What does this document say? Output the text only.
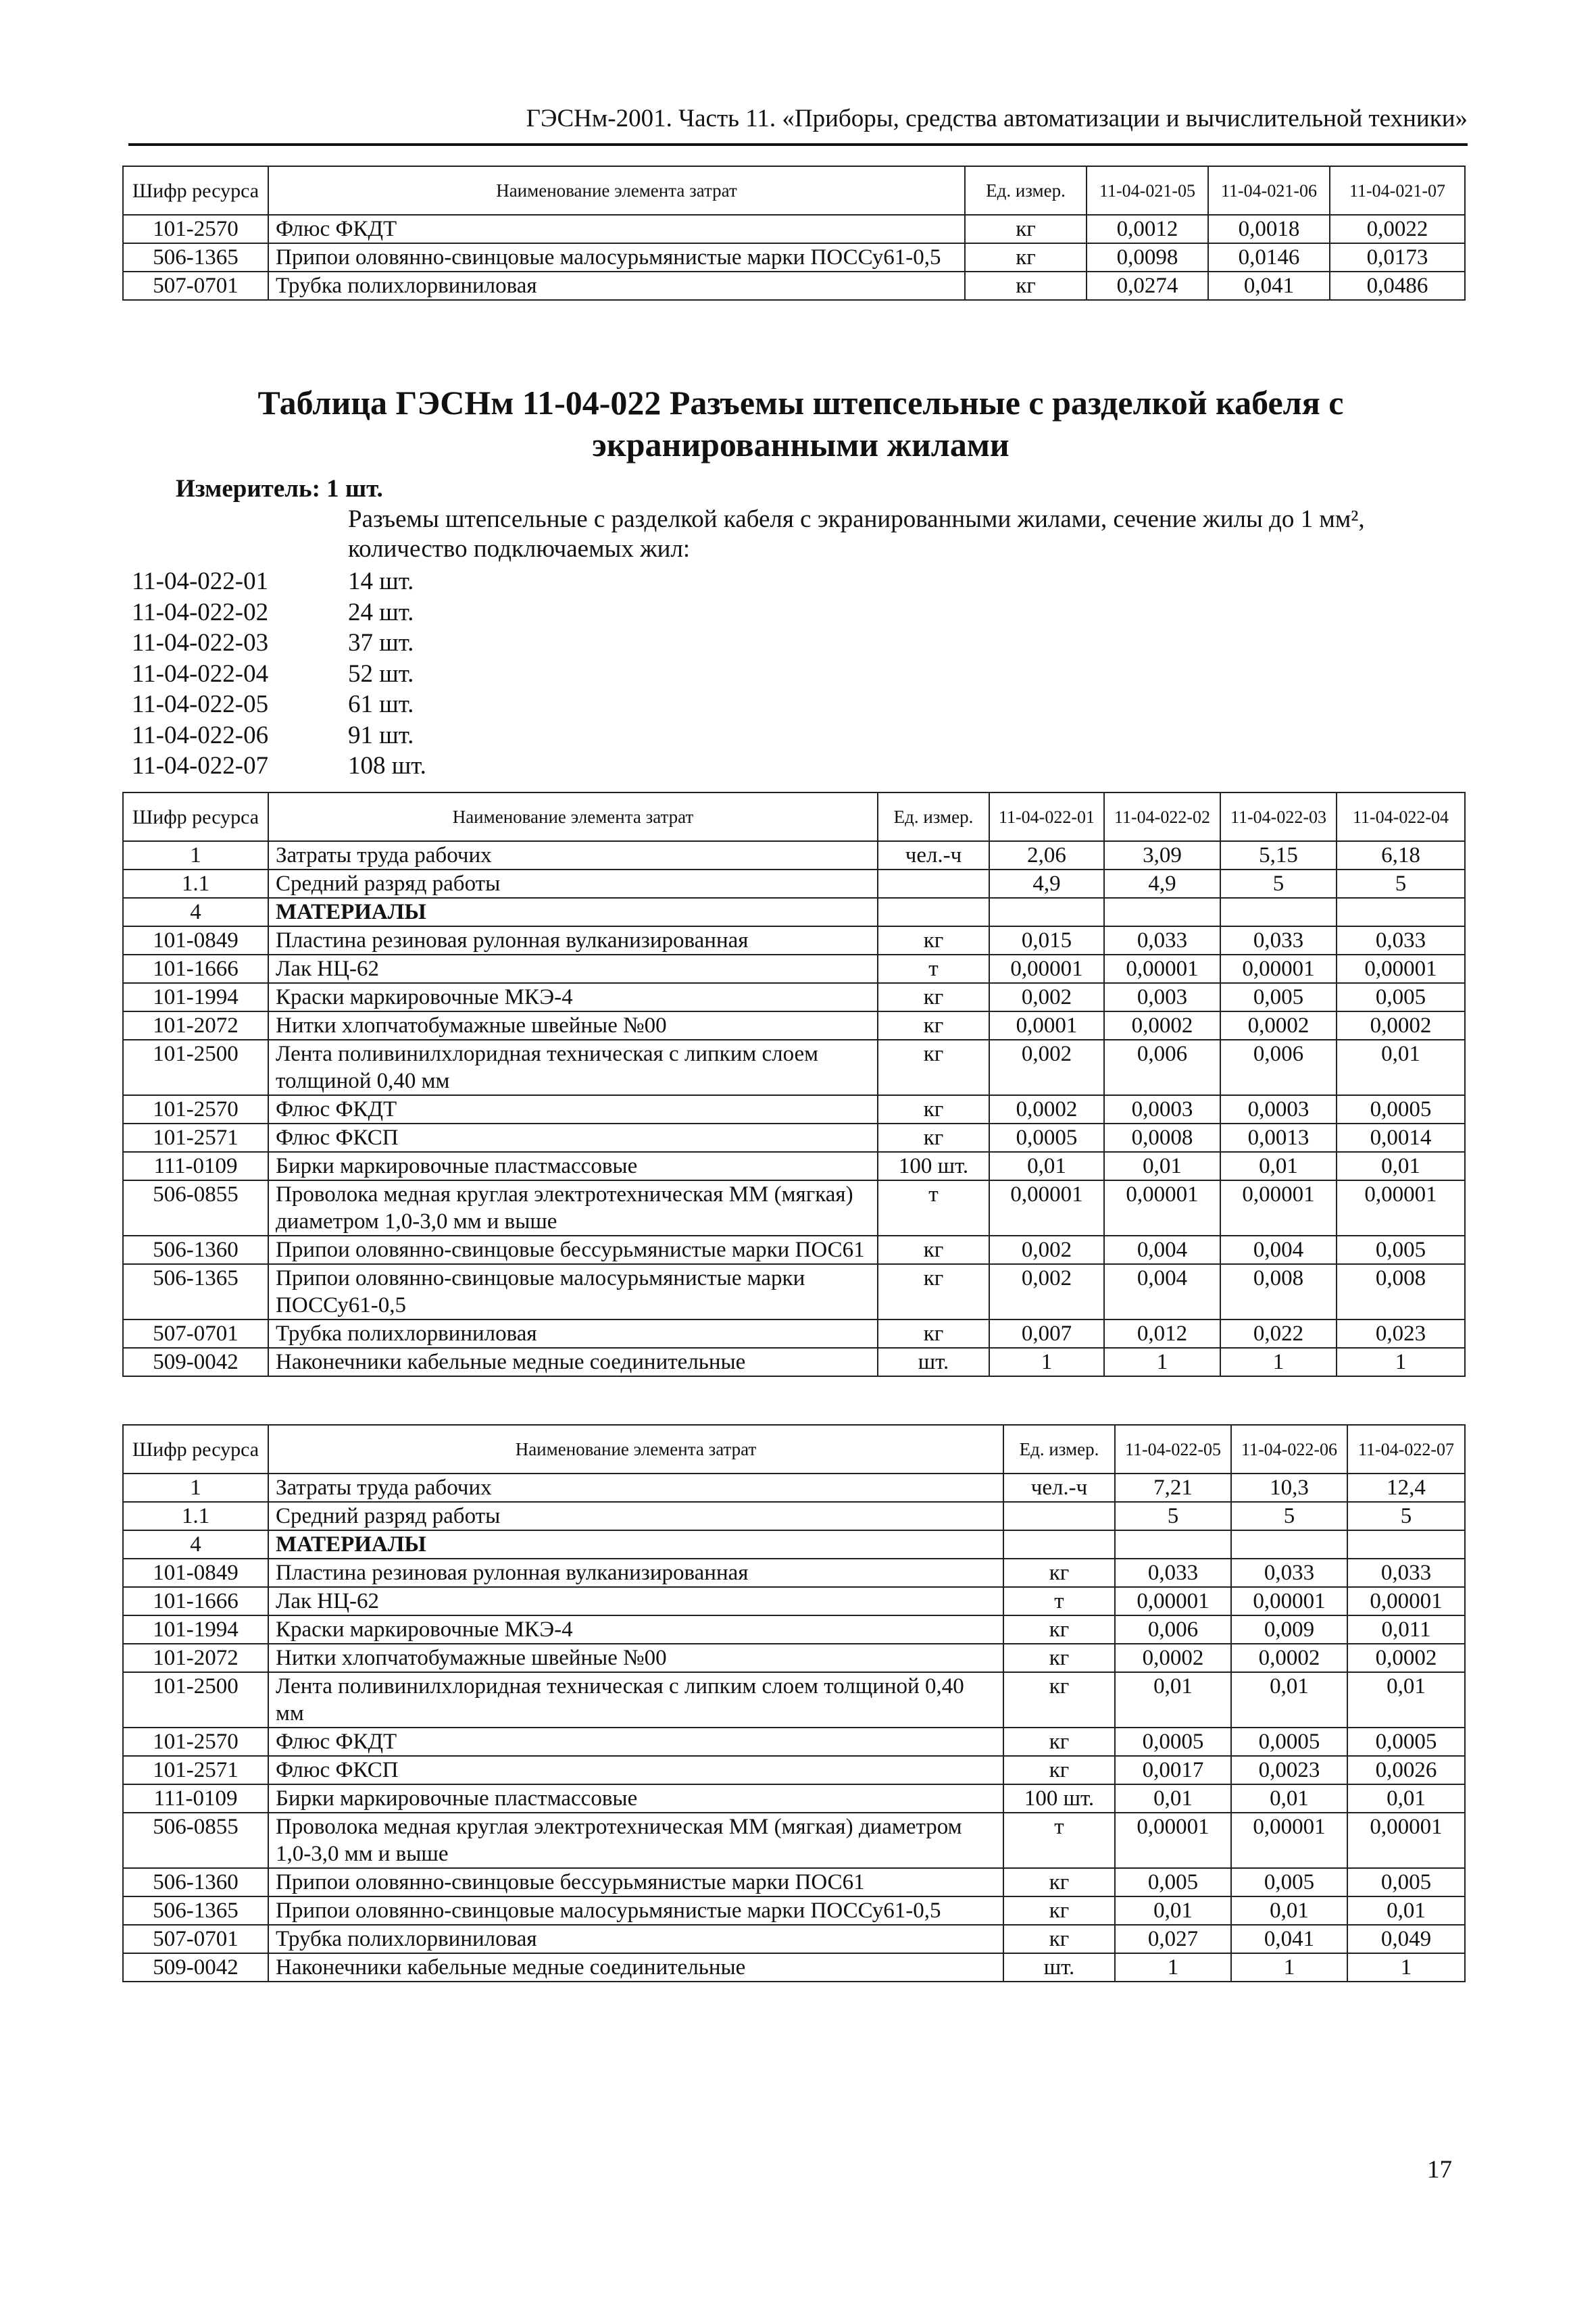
ГЭСНм-2001. Часть 11. «Приборы, средства автоматизации и вычислительной техники»
Шифр ресурса	Наименование элемента затрат	Ед. измер.	11-04-021-05	11-04-021-06	11-04-021-07
101-2570	Флюс ФКДТ	кг	0,0012	0,0018	0,0022
506-1365	Припои оловянно-свинцовые малосурьмянистые марки ПОССу61-0,5	кг	0,0098	0,0146	0,0173
507-0701	Трубка полихлорвиниловая	кг	0,0274	0,041	0,0486
Таблица ГЭСНм 11-04-022 Разъемы штепсельные с разделкой кабеля с экранированными жилами
Измеритель: 1 шт.
Разъемы штепсельные с разделкой кабеля с экранированными жилами, сечение жилы до 1 мм², количество подключаемых жил:
11-04-022-01	14 шт.
11-04-022-02	24 шт.
11-04-022-03	37 шт.
11-04-022-04	52 шт.
11-04-022-05	61 шт.
11-04-022-06	91 шт.
11-04-022-07	108 шт.
Шифр ресурса	Наименование элемента затрат	Ед. измер.	11-04-022-01	11-04-022-02	11-04-022-03	11-04-022-04
1	Затраты труда рабочих	чел.-ч	2,06	3,09	5,15	6,18
1.1	Средний разряд работы		4,9	4,9	5	5
4	МАТЕРИАЛЫ					
101-0849	Пластина резиновая рулонная вулканизированная	кг	0,015	0,033	0,033	0,033
101-1666	Лак НЦ-62	т	0,00001	0,00001	0,00001	0,00001
101-1994	Краски маркировочные МКЭ-4	кг	0,002	0,003	0,005	0,005
101-2072	Нитки хлопчатобумажные швейные №00	кг	0,0001	0,0002	0,0002	0,0002
101-2500	Лента поливинилхлоридная техническая с липким слоем толщиной 0,40 мм	кг	0,002	0,006	0,006	0,01
101-2570	Флюс ФКДТ	кг	0,0002	0,0003	0,0003	0,0005
101-2571	Флюс ФКСП	кг	0,0005	0,0008	0,0013	0,0014
111-0109	Бирки маркировочные пластмассовые	100 шт.	0,01	0,01	0,01	0,01
506-0855	Проволока медная круглая электротехническая ММ (мягкая) диаметром 1,0-3,0 мм и выше	т	0,00001	0,00001	0,00001	0,00001
506-1360	Припои оловянно-свинцовые бессурьмянистые марки ПОС61	кг	0,002	0,004	0,004	0,005
506-1365	Припои оловянно-свинцовые малосурьмянистые марки ПОССу61-0,5	кг	0,002	0,004	0,008	0,008
507-0701	Трубка полихлорвиниловая	кг	0,007	0,012	0,022	0,023
509-0042	Наконечники кабельные медные соединительные	шт.	1	1	1	1
Шифр ресурса	Наименование элемента затрат	Ед. измер.	11-04-022-05	11-04-022-06	11-04-022-07
1	Затраты труда рабочих	чел.-ч	7,21	10,3	12,4
1.1	Средний разряд работы		5	5	5
4	МАТЕРИАЛЫ				
101-0849	Пластина резиновая рулонная вулканизированная	кг	0,033	0,033	0,033
101-1666	Лак НЦ-62	т	0,00001	0,00001	0,00001
101-1994	Краски маркировочные МКЭ-4	кг	0,006	0,009	0,011
101-2072	Нитки хлопчатобумажные швейные №00	кг	0,0002	0,0002	0,0002
101-2500	Лента поливинилхлоридная техническая с липким слоем толщиной 0,40 мм	кг	0,01	0,01	0,01
101-2570	Флюс ФКДТ	кг	0,0005	0,0005	0,0005
101-2571	Флюс ФКСП	кг	0,0017	0,0023	0,0026
111-0109	Бирки маркировочные пластмассовые	100 шт.	0,01	0,01	0,01
506-0855	Проволока медная круглая электротехническая ММ (мягкая) диаметром 1,0-3,0 мм и выше	т	0,00001	0,00001	0,00001
506-1360	Припои оловянно-свинцовые бессурьмянистые марки ПОС61	кг	0,005	0,005	0,005
506-1365	Припои оловянно-свинцовые малосурьмянистые марки ПОССу61-0,5	кг	0,01	0,01	0,01
507-0701	Трубка полихлорвиниловая	кг	0,027	0,041	0,049
509-0042	Наконечники кабельные медные соединительные	шт.	1	1	1
17
